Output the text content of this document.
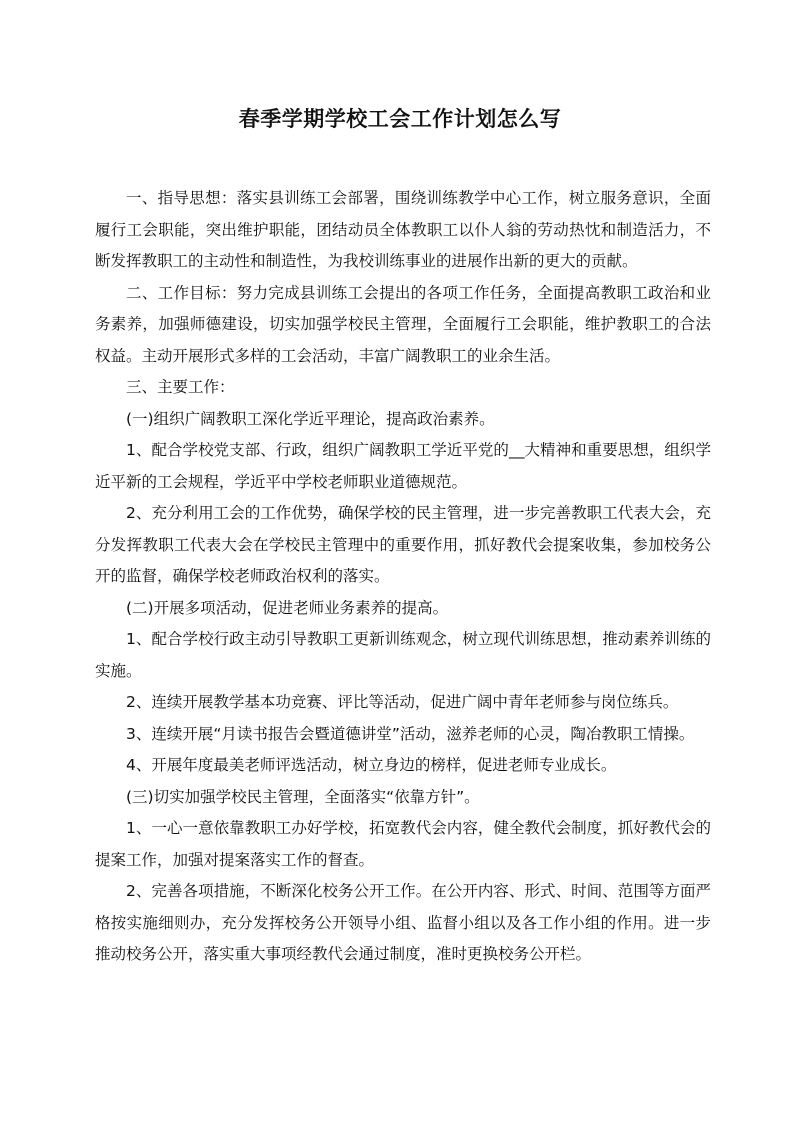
春季学期学校工会工作计划怎么写

一、指导思想：落实县训练工会部署，围绕训练教学中心工作，树立服务意识，全面履行工会职能，突出维护职能，团结动员全体教职工以仆人翁的劳动热忱和制造活力，不断发挥教职工的主动性和制造性，为我校训练事业的进展作出新的更大的贡献。

二、工作目标：努力完成县训练工会提出的各项工作任务，全面提高教职工政治和业务素养，加强师德建设，切实加强学校民主管理，全面履行工会职能，维护教职工的合法权益。主动开展形式多样的工会活动，丰富广阔教职工的业余生活。

三、主要工作：

(一)组织广阔教职工深化学近平理论，提高政治素养。

1、配合学校党支部、行政，组织广阔教职工学近平党的__大精神和重要思想，组织学近平新的工会规程，学近平中学校老师职业道德规范。

2、充分利用工会的工作优势，确保学校的民主管理，进一步完善教职工代表大会，充分发挥教职工代表大会在学校民主管理中的重要作用，抓好教代会提案收集，参加校务公开的监督，确保学校老师政治权利的落实。

(二)开展多项活动，促进老师业务素养的提高。

1、配合学校行政主动引导教职工更新训练观念，树立现代训练思想，推动素养训练的实施。

2、连续开展教学基本功竞赛、评比等活动，促进广阔中青年老师参与岗位练兵。

3、连续开展“月读书报告会暨道德讲堂”活动，滋养老师的心灵，陶冶教职工情操。

4、开展年度最美老师评选活动，树立身边的榜样，促进老师专业成长。

(三)切实加强学校民主管理，全面落实“依靠方针”。

1、一心一意依靠教职工办好学校，拓宽教代会内容，健全教代会制度，抓好教代会的提案工作，加强对提案落实工作的督查。

2、完善各项措施，不断深化校务公开工作。在公开内容、形式、时间、范围等方面严格按实施细则办，充分发挥校务公开领导小组、监督小组以及各工作小组的作用。进一步推动校务公开，落实重大事项经教代会通过制度，准时更换校务公开栏。
